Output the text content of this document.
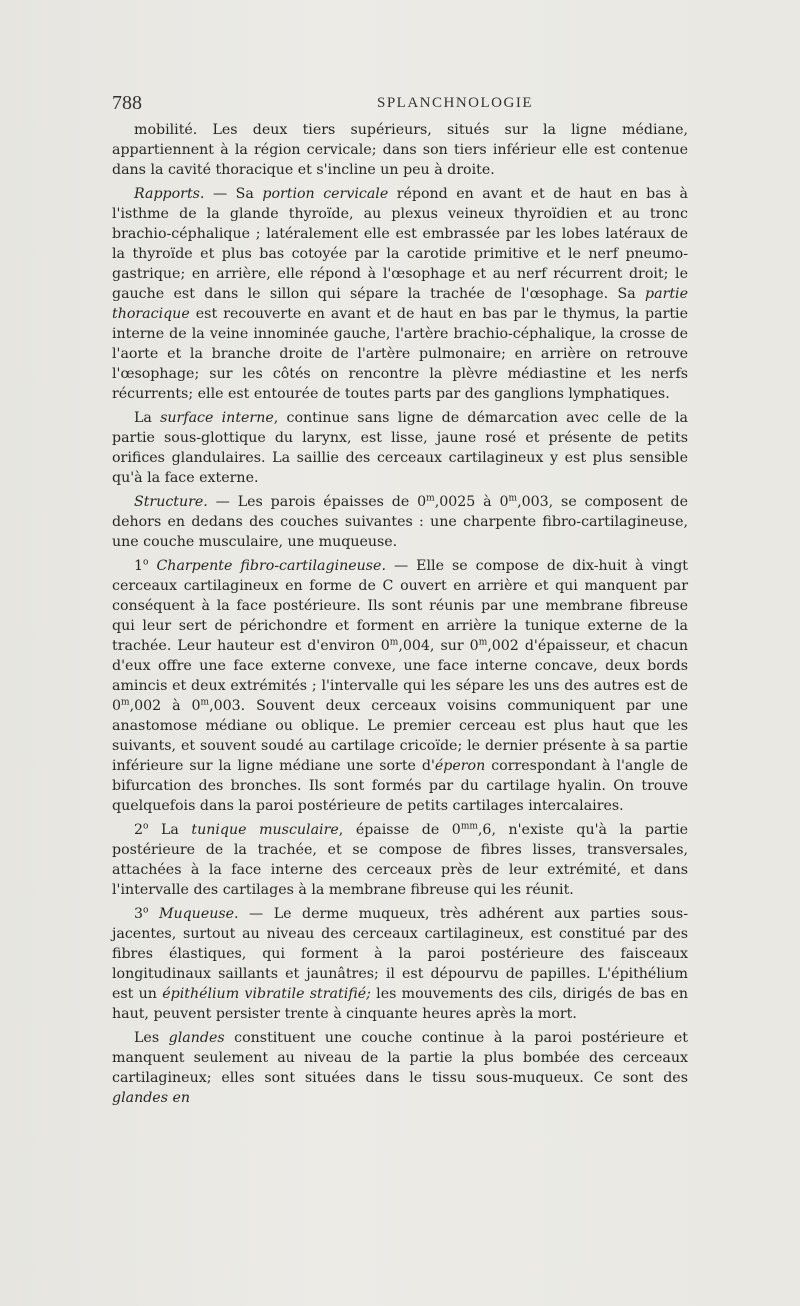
788	SPLANCHNOLOGIE

mobilité. Les deux tiers supérieurs, situés sur la ligne médiane, appartiennent à la région cervicale; dans son tiers inférieur elle est contenue dans la cavité thoracique et s'incline un peu à droite.

Rapports. — Sa portion cervicale répond en avant et de haut en bas à l'isthme de la glande thyroïde, au plexus veineux thyroïdien et au tronc brachio-céphalique ; latéralement elle est embrassée par les lobes latéraux de la thyroïde et plus bas cotoyée par la carotide primitive et le nerf pneumo-gastrique; en arrière, elle répond à l'œsophage et au nerf récurrent droit; le gauche est dans le sillon qui sépare la trachée de l'œsophage. Sa partie thoracique est recouverte en avant et de haut en bas par le thymus, la partie interne de la veine innominée gauche, l'artère brachio-céphalique, la crosse de l'aorte et la branche droite de l'artère pulmonaire; en arrière on retrouve l'œsophage; sur les côtés on rencontre la plèvre médiastine et les nerfs récurrents; elle est entourée de toutes parts par des ganglions lymphatiques.

La surface interne, continue sans ligne de démarcation avec celle de la partie sous-glottique du larynx, est lisse, jaune rosé et présente de petits orifices glandulaires. La saillie des cerceaux cartilagineux y est plus sensible qu'à la face externe.

Structure. — Les parois épaisses de 0$^m$,0025 à 0$^m$,003, se composent de dehors en dedans des couches suivantes : une charpente fibro-cartilagineuse, une couche musculaire, une muqueuse.

1$^o$ Charpente fibro-cartilagineuse. — Elle se compose de dix-huit à vingt cerceaux cartilagineux en forme de C ouvert en arrière et qui manquent par conséquent à la face postérieure. Ils sont réunis par une membrane fibreuse qui leur sert de périchondre et forment en arrière la tunique externe de la trachée. Leur hauteur est d'environ 0$^m$,004, sur 0$^m$,002 d'épaisseur, et chacun d'eux offre une face externe convexe, une face interne concave, deux bords amincis et deux extrémités ; l'intervalle qui les sépare les uns des autres est de 0$^m$,002 à 0$^m$,003. Souvent deux cerceaux voisins communiquent par une anastomose médiane ou oblique. Le premier cerceau est plus haut que les suivants, et souvent soudé au cartilage cricoïde; le dernier présente à sa partie inférieure sur la ligne médiane une sorte d'éperon correspondant à l'angle de bifurcation des bronches. Ils sont formés par du cartilage hyalin. On trouve quelquefois dans la paroi postérieure de petits cartilages intercalaires.

2$^o$ La tunique musculaire, épaisse de $0^{mm},6$, n'existe qu'à la partie postérieure de la trachée, et se compose de fibres lisses, transversales, attachées à la face interne des cerceaux près de leur extrémité, et dans l'intervalle des cartilages à la membrane fibreuse qui les réunit.

3$^o$ Muqueuse. — Le derme muqueux, très adhérent aux parties sous-jacentes, surtout au niveau des cerceaux cartilagineux, est constitué par des fibres élastiques, qui forment à la paroi postérieure des faisceaux longitudinaux saillants et jaunâtres; il est dépourvu de papilles. L'épithélium est un épithélium vibratile stratifié; les mouvements des cils, dirigés de bas en haut, peuvent persister trente à cinquante heures après la mort.

Les glandes constituent une couche continue à la paroi postérieure et manquent seulement au niveau de la partie la plus bombée des cerceaux cartilagineux; elles sont situées dans le tissu sous-muqueux. Ce sont des glandes en
